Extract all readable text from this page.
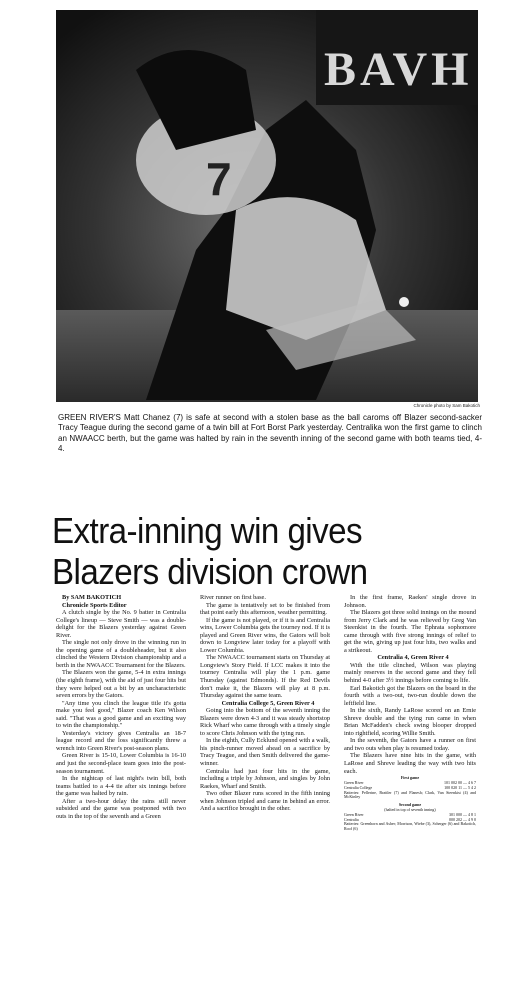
BAVH
7
Chronicle photo by Sam Bakotich
GREEN RIVER'S Matt Chanez (7) is safe at second with a stolen base as the ball caroms off Blazer second-sacker Tracy Teague during the second game of a twin bill at Fort Borst Park yesterday. Centralika won the first game to clinch an NWAACC berth, but the game was halted by rain in the seventh inning of the second game with both teams tied, 4-4.
Extra-inning win gives
Blazers division crown

By SAM BAKOTICH

Chronicle Sports Editor

A clutch single by the No. 9 batter in Centralia College's lineup — Steve Smith — was a double-delight for the Blazers yesterday against Green River.

The single not only drove in the winning run in the opening game of a doubleheader, but it also clinched the Western Division championship and a berth in the NWAACC Tournament for the Blazers.

The Blazers won the game, 5-4 in extra innings (the eighth frame), with the aid of just four hits but they were helped out a bit by an uncharacteristic seven errors by the Gators.

"Any time you clinch the league title it's gotta make you feel good," Blazer coach Ken Wilson said. "That was a good game and an exciting way to win the championship."

Yesterday's victory gives Centralia an 18-7 league record and the loss significantly threw a wrench into Green River's post-season plans.

Green River is 15-10, Lower Columbia is 16-10 and just the second-place team goes into the post-season tournament.

In the nightcap of last night's twin bill, both teams battled to a 4-4 tie after six innings before the game was halted by rain.

After a two-hour delay the rains still never subsided and the game was postponed with two outs in the top of the seventh and a Green

River runner on first base.

The game is tentatively set to be finished from that point early this afternoon, weather permitting.

If the game is not played, or if it is and Centralia wins, Lower Columbia gets the tourney nod. If it is played and Green River wins, the Gators will bolt down to Longview later today for a playoff with Lower Columbia.

The NWAACC tournament starts on Thursday at Longview's Story Field. If LCC makes it into the tourney Centralia will play the 1 p.m. game Thursday (against Edmonds). If the Red Devils don't make it, the Blazers will play at 8 p.m. Thursday against the same team.

Centralia College 5, Green River 4

Going into the bottom of the seventh inning the Blazers were down 4-3 and it was steady shortstop Rick Wharf who came through with a timely single to score Chris Johnson with the tying run.

In the eighth, Cully Ecklund opened with a walk, his pinch-runner moved ahead on a sacrifice by Tracy Teague, and then Smith delivered the game-winner.

Centralia had just four hits in the game, including a triple by Johnson, and singles by John Raekes, Wharf and Smith.

Two other Blazer runs scored in the fifth inning when Johnson tripled and came in behind an error. And a sacrifice brought in the other.

In the first frame, Raekes' single drove in Johnson.

The Blazers got three solid innings on the mound from Jerry Clark and he was relieved by Greg Van Steenkist in the fourth. The Ephrata sophomore came through with five strong innings of relief to get the win, giving up just four hits, two walks and a strikeout.

Centralia 4, Green River 4

With the title clinched, Wilson was playing mainly reserves in the second game and they fell behind 4-0 after 3½ innings before coming to life.

Earl Bakotich got the Blazers on the board in the fourth with a two-out, two-run double down the leftfield line.

In the sixth, Randy LaRose scored on an Ernie Shreve double and the tying run came in when Brian McFadden's check swing blooper dropped into rightfield, scoring Willie Smith.

In the seventh, the Gators have a runner on first and two outs when play is resumed today.

The Blazers have nine hits in the game, with LaRose and Shreve leading the way with two hits each.

First game
Green River	101 002 00 — 4 6 7
Centralia College	100 020 11 — 5 4 2
Batteries: Pellerine, Brattler (7) and Flanesh; Clark, Van Steenkist (4) and McKinley
Second game
(halted in top of seventh inning)
Green River	301 000 — 4 8 1
Centralia	000 202 — 4 9 0
Batteries: Greenhorn and Asher; Morrison, Wiebe (3), Scherger (6) and Bakotich, Roof (6)
